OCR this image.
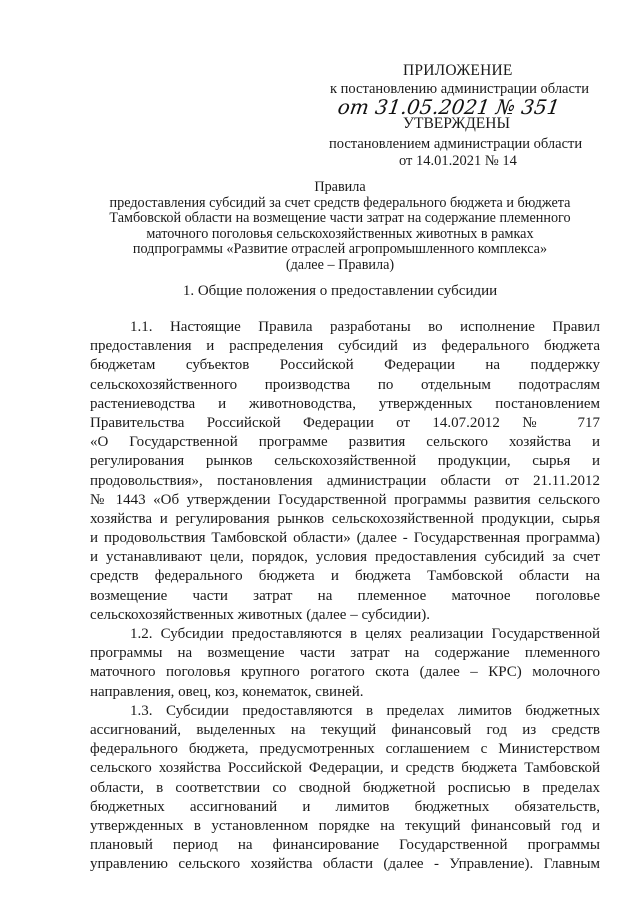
ПРИЛОЖЕНИЕ
к постановлению администрации области
от 31.05.2021 № 351
УТВЕРЖДЕНЫ
постановлением администрации области
от 14.01.2021 № 14
Правила
предоставления субсидий за счет средств федерального бюджета и бюджета
Тамбовской области на возмещение части затрат на содержание племенного
маточного поголовья сельскохозяйственных животных в рамках
подпрограммы «Развитие отраслей агропромышленного комплекса»
(далее – Правила)
1. Общие положения о предоставлении субсидии
1.1. Настоящие Правила разработаны во исполнение Правил
предоставления и распределения субсидий из федерального бюджета
бюджетам субъектов Российской Федерации на поддержку
сельскохозяйственного производства по отдельным подотраслям
растениеводства и животноводства, утвержденных постановлением
Правительства Российской Федерации от 14.07.2012 № 717
«О Государственной программе развития сельского хозяйства и
регулирования рынков сельскохозяйственной продукции, сырья и
продовольствия», постановления администрации области от 21.11.2012
№ 1443 «Об утверждении Государственной программы развития сельского
хозяйства и регулирования рынков сельскохозяйственной продукции, сырья
и продовольствия Тамбовской области» (далее - Государственная программа)
и устанавливают цели, порядок, условия предоставления субсидий за счет
средств федерального бюджета и бюджета Тамбовской области на
возмещение части затрат на племенное маточное поголовье
сельскохозяйственных животных (далее – субсидии).
1.2. Субсидии предоставляются в целях реализации Государственной
программы на возмещение части затрат на содержание племенного
маточного поголовья крупного рогатого скота (далее – КРС) молочного
направления, овец, коз, конематок, свиней.
1.3. Субсидии предоставляются в пределах лимитов бюджетных
ассигнований, выделенных на текущий финансовый год из средств
федерального бюджета, предусмотренных соглашением с Министерством
сельского хозяйства Российской Федерации, и средств бюджета Тамбовской
области, в соответствии со сводной бюджетной росписью в пределах
бюджетных ассигнований и лимитов бюджетных обязательств,
утвержденных в установленном порядке на текущий финансовый год и
плановый период на финансирование Государственной программы
управлению сельского хозяйства области (далее - Управление). Главным
